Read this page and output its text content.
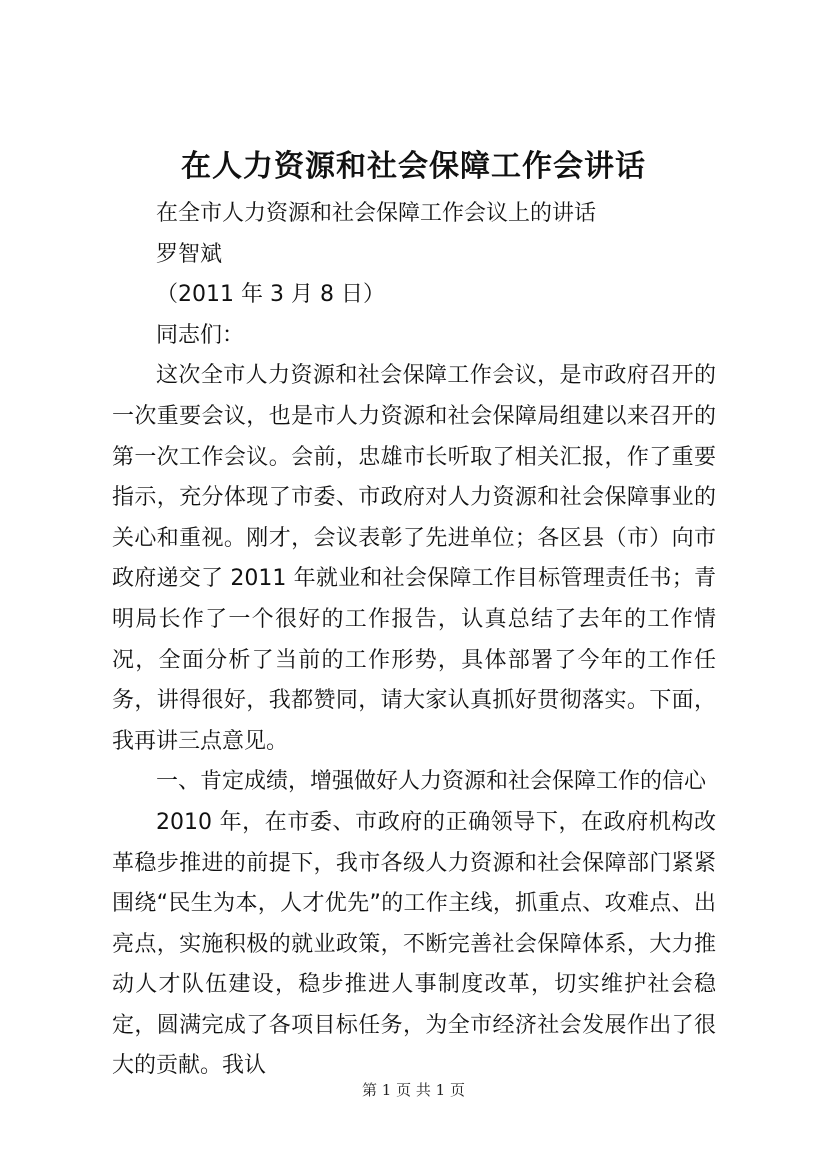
在人力资源和社会保障工作会讲话

在全市人力资源和社会保障工作会议上的讲话

罗智斌

（2011 年 3 月 8 日）

同志们：

这次全市人力资源和社会保障工作会议，是市政府召开的一次重要会议，也是市人力资源和社会保障局组建以来召开的第一次工作会议。会前，忠雄市长听取了相关汇报，作了重要指示，充分体现了市委、市政府对人力资源和社会保障事业的关心和重视。刚才，会议表彰了先进单位；各区县（市）向市政府递交了 2011 年就业和社会保障工作目标管理责任书；青明局长作了一个很好的工作报告，认真总结了去年的工作情况，全面分析了当前的工作形势，具体部署了今年的工作任务，讲得很好，我都赞同，请大家认真抓好贯彻落实。下面，我再讲三点意见。

一、肯定成绩，增强做好人力资源和社会保障工作的信心

2010 年，在市委、市政府的正确领导下，在政府机构改革稳步推进的前提下，我市各级人力资源和社会保障部门紧紧围绕“民生为本，人才优先”的工作主线，抓重点、攻难点、出亮点，实施积极的就业政策，不断完善社会保障体系，大力推动人才队伍建设，稳步推进人事制度改革，切实维护社会稳定，圆满完成了各项目标任务，为全市经济社会发展作出了很大的贡献。我认

第 1 页 共 1 页
